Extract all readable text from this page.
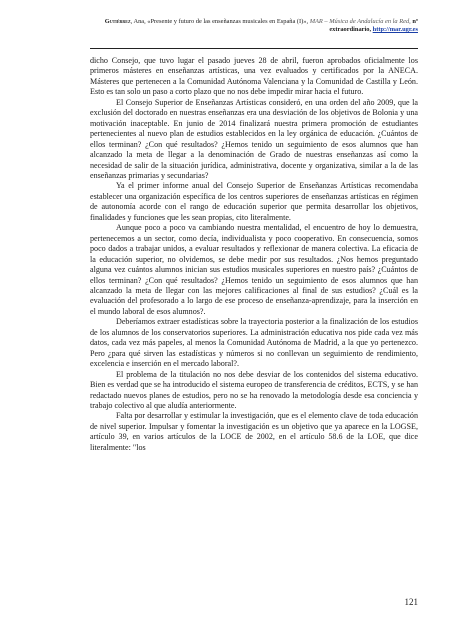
Gutiérrez, Ana, «Presente y futuro de las enseñanzas musicales en España (I)», MAR – Música de Andalucía en la Red, nº extraordinario, http://mar.ugr.es

dicho Consejo, que tuvo lugar el pasado jueves 28 de abril, fueron aprobados oficialmente los primeros másteres en enseñanzas artísticas, una vez evaluados y certificados por la ANECA. Másteres que pertenecen a la Comunidad Autónoma Valenciana y la Comunidad de Castilla y León. Esto es tan solo un paso a corto plazo que no nos debe impedir mirar hacia el futuro.

El Consejo Superior de Enseñanzas Artísticas consideró, en una orden del año 2009, que la exclusión del doctorado en nuestras enseñanzas era una desviación de los objetivos de Bolonia y una motivación inaceptable. En junio de 2014 finalizará nuestra primera promoción de estudiantes pertenecientes al nuevo plan de estudios establecidos en la ley orgánica de educación. ¿Cuántos de ellos terminan? ¿Con qué resultados? ¿Hemos tenido un seguimiento de esos alumnos que han alcanzado la meta de llegar a la denominación de Grado de nuestras enseñanzas así como la necesidad de salir de la situación jurídica, administrativa, docente y organizativa, similar a la de las enseñanzas primarias y secundarias?

Ya el primer informe anual del Consejo Superior de Enseñanzas Artísticas recomendaba establecer una organización específica de los centros superiores de enseñanzas artísticas en régimen de autonomía acorde con el rango de educación superior que permita desarrollar los objetivos, finalidades y funciones que les sean propias, cito literalmente.

Aunque poco a poco va cambiando nuestra mentalidad, el encuentro de hoy lo demuestra, pertenecemos a un sector, como decía, individualista y poco cooperativo. En consecuencia, somos poco dados a trabajar unidos, a evaluar resultados y reflexionar de manera colectiva. La eficacia de la educación superior, no olvidemos, se debe medir por sus resultados. ¿Nos hemos preguntado alguna vez cuántos alumnos inician sus estudios musicales superiores en nuestro país? ¿Cuántos de ellos terminan? ¿Con qué resultados? ¿Hemos tenido un seguimiento de esos alumnos que han alcanzado la meta de llegar con las mejores calificaciones al final de sus estudios? ¿Cuál es la evaluación del profesorado a lo largo de ese proceso de enseñanza-aprendizaje, para la inserción en el mundo laboral de esos alumnos?.

Deberíamos extraer estadísticas sobre la trayectoria posterior a la finalización de los estudios de los alumnos de los conservatorios superiores. La administración educativa nos pide cada vez más datos, cada vez más papeles, al menos la Comunidad Autónoma de Madrid, a la que yo pertenezco. Pero ¿para qué sirven las estadísticas y números si no conllevan un seguimiento de rendimiento, excelencia e inserción en el mercado laboral?.

El problema de la titulación no nos debe desviar de los contenidos del sistema educativo. Bien es verdad que se ha introducido el sistema europeo de transferencia de créditos, ECTS, y se han redactado nuevos planes de estudios, pero no se ha renovado la metodología desde esa conciencia y trabajo colectivo al que aludía anteriormente.

Falta por desarrollar y estimular la investigación, que es el elemento clave de toda educación de nivel superior. Impulsar y fomentar la investigación es un objetivo que ya aparece en la LOGSE, artículo 39, en varios artículos de la LOCE de 2002, en el artículo 58.6 de la LOE, que dice literalmente: "los

121
